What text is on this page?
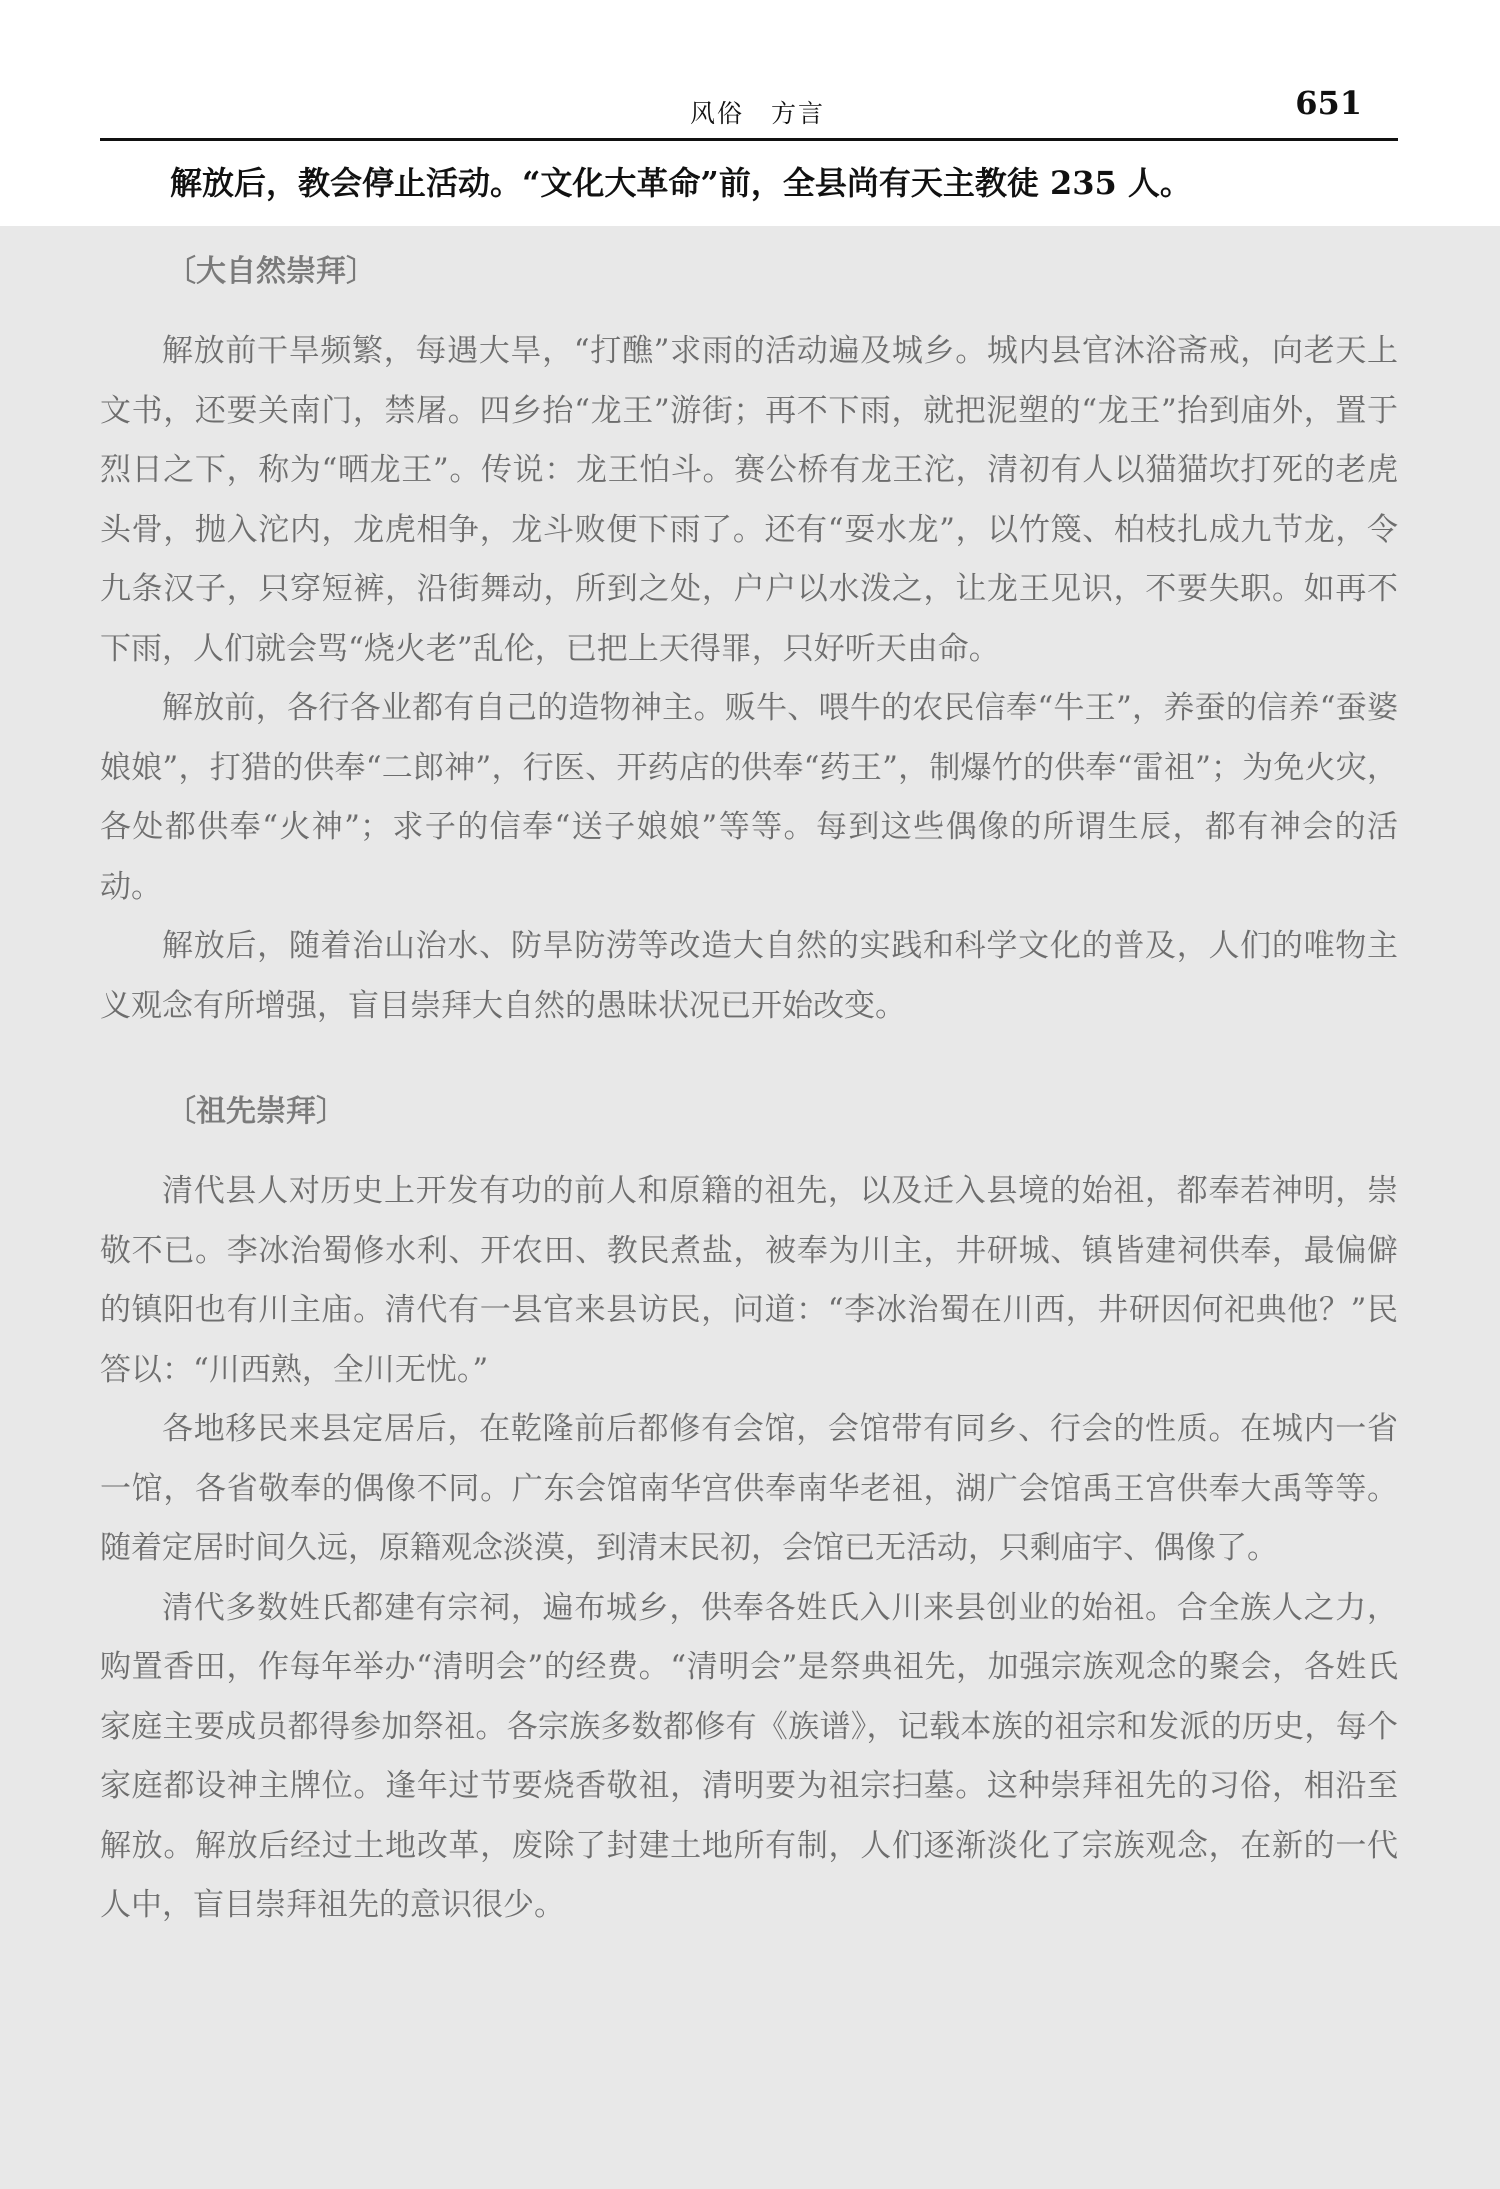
风俗　方言	651
解放后，教会停止活动。“文化大革命”前，全县尚有天主教徒 235 人。
〔大自然崇拜〕

解放前干旱频繁，每遇大旱，“打醮”求雨的活动遍及城乡。城内县官沐浴斋戒，向老天上文书，还要关南门，禁屠。四乡抬“龙王”游街；再不下雨，就把泥塑的“龙王”抬到庙外，置于烈日之下，称为“晒龙王”。传说：龙王怕斗。赛公桥有龙王沱，清初有人以猫猫坎打死的老虎头骨，抛入沱内，龙虎相争，龙斗败便下雨了。还有“耍水龙”，以竹篾、柏枝扎成九节龙，令九条汉子，只穿短裤，沿街舞动，所到之处，户户以水泼之，让龙王见识，不要失职。如再不下雨，人们就会骂“烧火老”乱伦，已把上天得罪，只好听天由命。

解放前，各行各业都有自己的造物神主。贩牛、喂牛的农民信奉“牛王”，养蚕的信养“蚕婆娘娘”，打猎的供奉“二郎神”，行医、开药店的供奉“药王”，制爆竹的供奉“雷祖”；为免火灾，各处都供奉“火神”；求子的信奉“送子娘娘”等等。每到这些偶像的所谓生辰，都有神会的活动。

解放后，随着治山治水、防旱防涝等改造大自然的实践和科学文化的普及，人们的唯物主义观念有所增强，盲目崇拜大自然的愚昧状况已开始改变。

〔祖先崇拜〕

清代县人对历史上开发有功的前人和原籍的祖先，以及迁入县境的始祖，都奉若神明，崇敬不已。李冰治蜀修水利、开农田、教民煮盐，被奉为川主，井研城、镇皆建祠供奉，最偏僻的镇阳也有川主庙。清代有一县官来县访民，问道：“李冰治蜀在川西，井研因何祀典他？”民答以：“川西熟，全川无忧。”

各地移民来县定居后，在乾隆前后都修有会馆，会馆带有同乡、行会的性质。在城内一省一馆，各省敬奉的偶像不同。广东会馆南华宫供奉南华老祖，湖广会馆禹王宫供奉大禹等等。随着定居时间久远，原籍观念淡漠，到清末民初，会馆已无活动，只剩庙宇、偶像了。

清代多数姓氏都建有宗祠，遍布城乡，供奉各姓氏入川来县创业的始祖。合全族人之力，购置香田，作每年举办“清明会”的经费。“清明会”是祭典祖先，加强宗族观念的聚会，各姓氏家庭主要成员都得参加祭祖。各宗族多数都修有《族谱》，记载本族的祖宗和发派的历史，每个家庭都设神主牌位。逢年过节要烧香敬祖，清明要为祖宗扫墓。这种崇拜祖先的习俗，相沿至解放。解放后经过土地改革，废除了封建土地所有制，人们逐渐淡化了宗族观念，在新的一代人中，盲目崇拜祖先的意识很少。
